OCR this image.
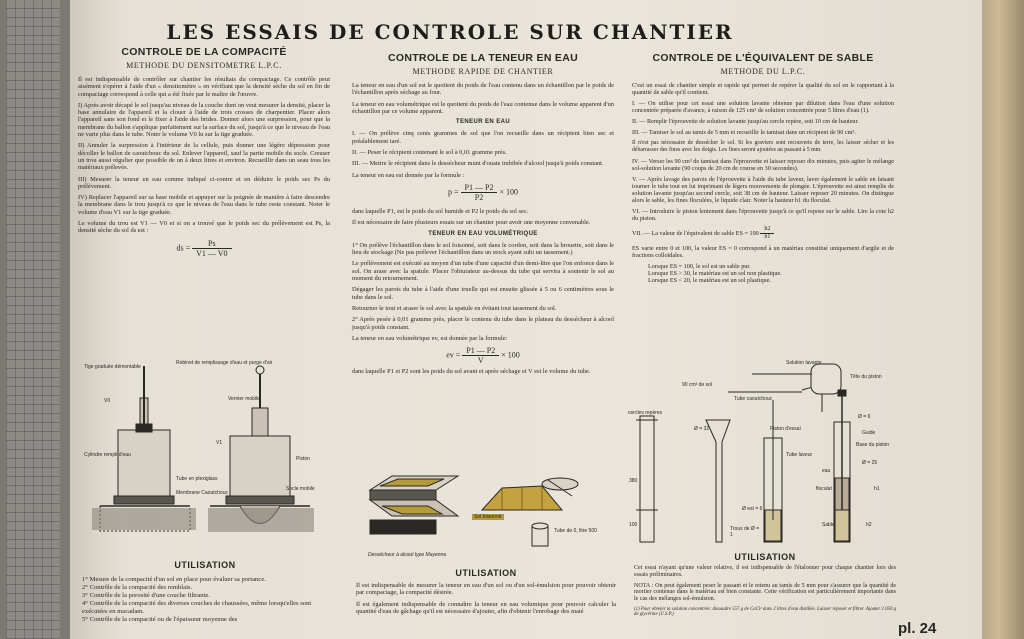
LES ESSAIS DE CONTROLE SUR CHANTIER

CONTROLE DE LA COMPACITÉ

METHODE DU DENSITOMETRE L.P.C.

Il est indispensable de contrôler sur chantier les résultats du compactage. Ce contrôle peut aisément s'opérer à l'aide d'un « densitomètre » en vérifiant que la densité sèche du sol en fin de compactage correspond à celle qui a été fixée par le maître de l'œuvre.

I) Après avoir décapé le sol jusqu'au niveau de la couche dont on veut mesurer la densité, placer la base annulaire de l'appareil et la clouer à l'aide de trois crosses de charpentier. Placer alors l'appareil sans son fond et le fixer à l'aide des brides. Donner alors une surpression, pour que la membrane du ballon s'applique parfaitement sur la surface du sol, jusqu'à ce que le niveau de l'eau ne varie plus dans le tube. Noter le volume V0 lu sur la tige graduée.

II) Annuler la surpression à l'intérieur de la cellule, puis donner une légère dépression pour décoller le ballon de caoutchouc du sol. Enlever l'appareil, sauf la partie mobile du socle. Creuser un trou aussi régulier que possible de un à deux litres et environ. Recueillir dans un seau tous les matériaux prélevés.

III) Mesurer la teneur en eau comme indiqué ci-contre et en déduire le poids sec Ps du prélèvement.

IV) Replacer l'appareil sur sa base mobile et appuyer sur la poignée de manière à faire descendre la membrane dans le trou jusqu'à ce que le niveau de l'eau dans le tube reste constant. Noter le volume d'eau V1 sur la tige graduée.

Le volume du trou est V1 — V0 et si on a trouvé que le poids sec du prélèvement est Ps, la densité sèche du sol ds est :

ds = $\frac{Ps}{V1 — V0}$
Tige graduée démontable
Robinet de remplissage d'eau et purge d'air
Vernier mobile
Piston
Cylindre rempli d'eau
Tube en plexiglass
Membrane Caoutchouc
Socle mobile
V0
V1

UTILISATION

1° Mesure de la compacité d'un sol en place pour évaluer sa portance.
2° Contrôle de la compacité des remblais.
3° Contrôle de la porosité d'une couche filtrante.
4° Contrôle de la compacité des diverses couches de chaussées, même lorsqu'elles sont exécutées en macadam.
5° Contrôle de la compacité ou de l'épaisseur moyenne des

CONTROLE DE LA TENEUR EN EAU

METHODE RAPIDE DE CHANTIER

La teneur en eau d'un sol est le quotient du poids de l'eau contenu dans un échantillon par le poids de l'échantillon après séchage au four.

La teneur en eau volumétrique est le quotient du poids de l'eau contenue dans le volume apparent d'un échantillon par ce volume apparent.

TENEUR EN EAU

I. — On prélève cinq cents grammes de sol que l'on recueille dans un récipient bien sec et préalablement taré.

II. — Peser le récipient contenant le sol à 0,01 gramme près.

III. — Mettre le récipient dans le dessécheur muni d'ouate imbibée d'alcool jusqu'à poids constant.

La teneur en eau est donnée par la formule :

$p = \frac{P1 — P2}{P2} \times 100$

dans laquelle P1, est le poids du sol humide et P2 le poids du sol sec.

Il est nécessaire de faire plusieurs essais sur un chantier pour avoir une moyenne convenable.

TENEUR EN EAU VOLUMÉTRIQUE

1° On prélève l'échantillon dans le sol foisonné, soit dans le cordon, soit dans la brouette, soit dans le lieu de stockage (Ne pas prélever l'échantillon dans un stock ayant subi un tassement.)

Le prélèvement est exécuté au moyen d'un tube d'une capacité d'un demi-litre que l'on enfonce dans le sol. On arase avec la spatule. Placer l'obturateur au-dessus du tube qui servira à soutenir le sol au moment du retournement.

Dégager les parois du tube à l'aide d'une truelle qui est ensuite glissée à 5 ou 6 centimètres sous le tube dans le sol.

Retourner le tout et araser le sol avec la spatule en évitant tout tassement du sol.

2° Après pesée à 0,01 gramme près, placer le contenu du tube dans le plateau du dessécheur à alcool jusqu'à poids constant.

La teneur en eau volumétrique ev, est donnée par la formule:

ev = $\frac{P1 — P2}{V} \times 100$

dans laquelle P1 et P2 sont les poids du sol avant et après séchage et V est le volume du tube.

Sol foisonné
Tube de 0, litre 500
Dessécheur à alcool type Mayenne.

UTILISATION

Il est indispensable de mesurer la teneur en eau d'un sol ou d'un sol-émulsion pour pouvoir obtenir par compactage, la compacité désirée.

Il est également indispensable de connaître la teneur en eau volumique pour pouvoir calculer la quantité d'eau de gâchage qu'il est nécessaire d'ajouter, afin d'obtenir l'enrobage des maté

CONTROLE DE L'ÉQUIVALENT DE SABLE

METHODE DU L.P.C.

C'est un essai de chantier simple et rapide qui permet de repérer la qualité du sol en le rapportant à la quantité de sable qu'il contient.

I. — On utilise pour cet essai une solution lavante obtenue par dilution dans l'eau d'une solution concentrée préparée d'avance, à raison de 125 cm³ de solution concentrée pour 5 litres d'eau (1).

II. — Remplir l'éprouvette de solution lavante jusqu'au cercle repère, soit 10 cm de hauteur.

III. — Tamiser le sol au tamis de 5 mm et recueillir le tamisat dans un récipient de 90 cm³.

Il n'est pas nécessaire de dessécher le sol. Si les graviers sont recouverts de terre, les laisser sécher et les débarrasser des fines avec les doigts. Les fines seront ajoutées au passant à 5 mm.

IV. — Verser les 90 cm³ de tamisat dans l'éprouvette et laisser reposer dix minutes, puis agiter le mélange sol-solution lavante (90 coups de 20 cm de course en 30 secondes).

V. — Après lavage des parois de l'éprouvette à l'aide du tube laveur, laver également le sable en faisant tourner le tube tout en lui imprimant de légers mouvements de plongée. L'éprouvette est ainsi remplie de solution lavante jusqu'au second cercle, soit 38 cm de hauteur. Laisser reposer 20 minutes. On distingue alors le sable, les fines floculées, le liquide clair. Noter la hauteur h1 du floculat.

VI. — Introduire le piston lentement dans l'éprouvette jusqu'à ce qu'il repose sur le sable. Lire la cote h2 du piston.

VII. — La valeur de l'équivalent de sable ES = $100 \frac{h2}{h1}$

ES varie entre 0 et 100, la valeur ES = 0 correspond à un matériau constitué uniquement d'argile et de fractions colloïdales.

Lorsque ES = 100, le sol est un sable pur.

Lorsque ES > 30, le matériau est un sol non plastique.

Lorsque ES < 20, le matériau est un sol plastique.

Solution lavante
Tête du piston
90 cm³ de sol
Tube caoutchouc
cercles repères
Ø = 32	Piston d'essai
Ø = 6
Guide
Base du piston
Ø = 25
Tube laveur
eau
floculat
Sable
Ø est = 6
Trous de Ø = 1
h1
h2
380
100

UTILISATION

Cet essai n'ayant qu'une valeur relative, il est indispensable de l'étalonner pour chaque chantier lors des essais préliminaires.

NOTA : On peut également peser le passant et le retenu au tamis de 5 mm pour s'assurer que la quantité de mortier contenue dans le matériau est bien constante. Cette vérification est particulièrement importante dans le cas des mélanges sol-émulsion.

(1) Pour obtenir la solution concentrée: dissoudre 557 g de CaCl² dans 2 litres d'eau distillée. Laisser reposer et filtrer. Ajouter 2 050 g de glycérine (U.S.P.)

pl. 24
